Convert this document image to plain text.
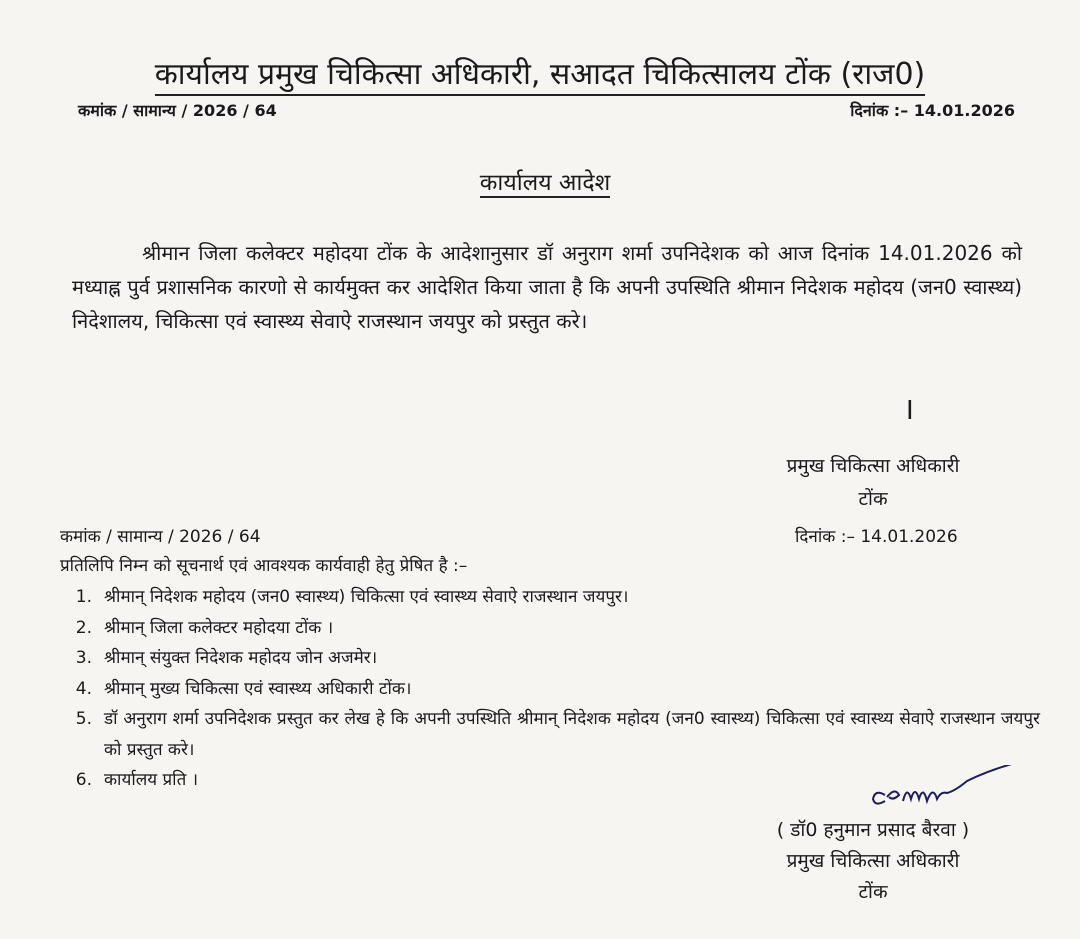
कार्यालय प्रमुख चिकित्सा अधिकारी, सआदत चिकित्सालय टोंक (राज0)
कमांक / सामान्य / 2026 / 64	दिनांक :– 14.01.2026
कार्यालय आदेश
श्रीमान जिला कलेक्टर महोदया टोंक के आदेशानुसार डॉ अनुराग शर्मा उपनिदेशक को आज दिनांक 14.01.2026 को मध्याह्न पुर्व प्रशासनिक कारणो से कार्यमुक्त कर आदेशित किया जाता है कि अपनी उपस्थिति श्रीमान निदेशक महोदय (जन0 स्वास्थ्य) निदेशालय, चिकित्सा एवं स्वास्थ्य सेवाऐ राजस्थान जयपुर को प्रस्तुत करे।
I
प्रमुख चिकित्सा अधिकारी
टोंक
कमांक / सामान्य / 2026 / 64	दिनांक :– 14.01.2026
प्रतिलिपि निम्न को सूचनार्थ एवं आवश्यक कार्यवाही हेतु प्रेषित है :–
1. श्रीमान् निदेशक महोदय (जन0 स्वास्थ्य) चिकित्सा एवं स्वास्थ्य सेवाऐ राजस्थान जयपुर।
2. श्रीमान् जिला कलेक्टर महोदया टोंक ।
3. श्रीमान् संयुक्त निदेशक महोदय जोन अजमेर।
4. श्रीमान् मुख्य चिकित्सा एवं स्वास्थ्य अधिकारी टोंक।
5. डॉ अनुराग शर्मा उपनिदेशक प्रस्तुत कर लेख हे कि अपनी उपस्थिति श्रीमान् निदेशक महोदय (जन0 स्वास्थ्य) चिकित्सा एवं स्वास्थ्य सेवाऐ राजस्थान जयपुर को प्रस्तुत करे।
6. कार्यालय प्रति ।
( डॉ0 हनुमान प्रसाद बैरवा )
प्रमुख चिकित्सा अधिकारी
टोंक
